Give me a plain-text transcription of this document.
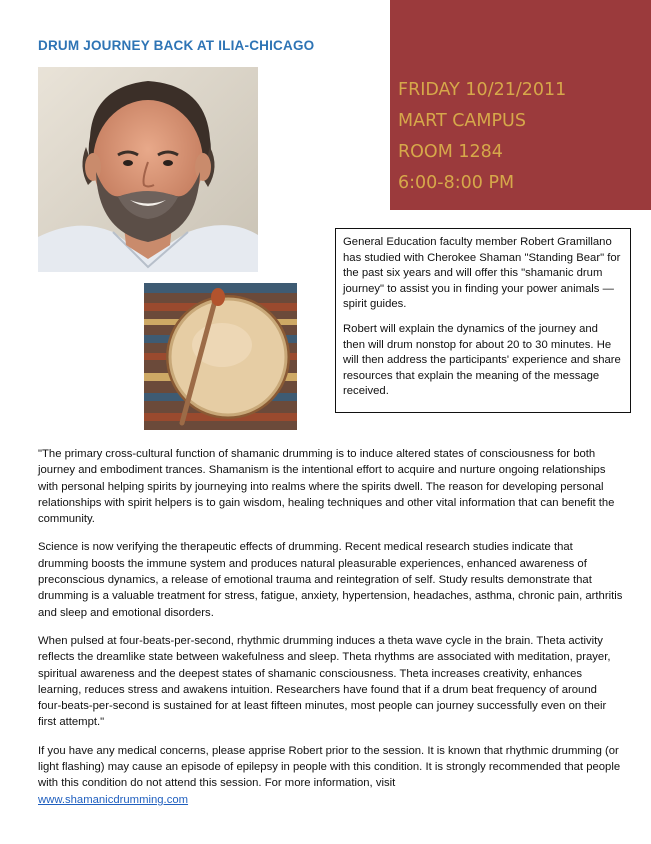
DRUM JOURNEY BACK AT ILIA-CHICAGO
FRIDAY 10/21/2011
MART CAMPUS
ROOM 1284
6:00-8:00 PM

General Education faculty member Robert Gramillano has studied with Cherokee Shaman "Standing Bear" for the past six years and will offer this "shamanic drum journey" to assist you in finding your power animals — spirit guides.

Robert will explain the dynamics of the journey and then will drum nonstop for about 20 to 30 minutes. He will then address the participants' experience and share resources that explain the meaning of the message received.

"The primary cross-cultural function of shamanic drumming is to induce altered states of consciousness for both journey and embodiment trances. Shamanism is the intentional effort to acquire and nurture ongoing relationships with personal helping spirits by journeying into realms where the spirits dwell. The reason for developing personal relationships with spirit helpers is to gain wisdom, healing techniques and other vital information that can benefit the community.

Science is now verifying the therapeutic effects of drumming. Recent medical research studies indicate that drumming boosts the immune system and produces natural pleasurable experiences, enhanced awareness of preconscious dynamics, a release of emotional trauma and reintegration of self. Study results demonstrate that drumming is a valuable treatment for stress, fatigue, anxiety, hypertension, headaches, asthma, chronic pain, arthritis and sleep and emotional disorders.

When pulsed at four-beats-per-second, rhythmic drumming induces a theta wave cycle in the brain. Theta activity reflects the dreamlike state between wakefulness and sleep. Theta rhythms are associated with meditation, prayer, spiritual awareness and the deepest states of shamanic consciousness. Theta increases creativity, enhances learning, reduces stress and awakens intuition. Researchers have found that if a drum beat frequency of around four-beats-per-second is sustained for at least fifteen minutes, most people can journey successfully even on their first attempt."

If you have any medical concerns, please apprise Robert prior to the session. It is known that rhythmic drumming (or light flashing) may cause an episode of epilepsy in people with this condition. It is strongly recommended that people with this condition do not attend this session. For more information, visit
www.shamanicdrumming.com
